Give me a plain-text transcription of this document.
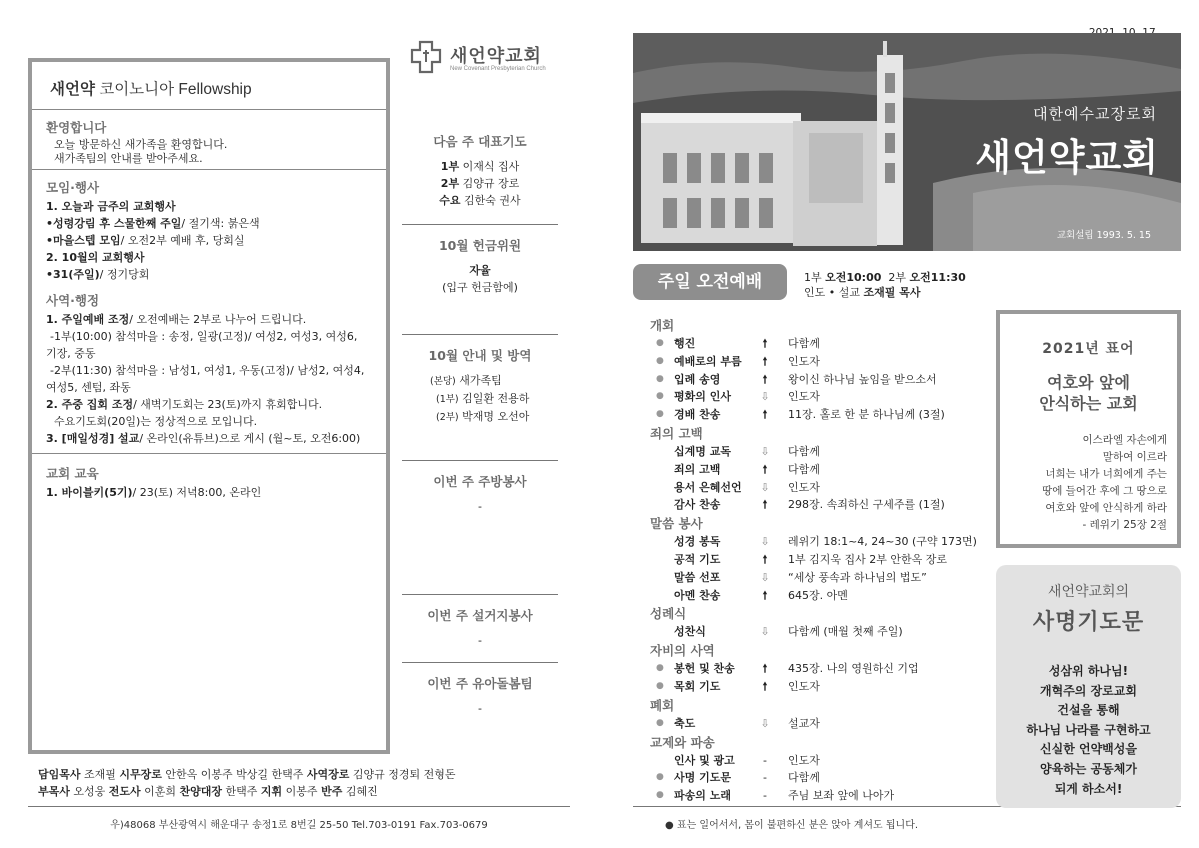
새언약 코이노니아 Fellowship
환영합니다
오늘 방문하신 새가족을 환영합니다.
새가족팀의 안내를 받아주세요.
모임·행사
1. 오늘과 금주의 교회행사
•성령강림 후 스물한째 주일/ 절기색: 붉은색
•마을스텝 모임/ 오전2부 예배 후, 당회실
2. 10월의 교회행사
•31(주일)/ 정기당회
사역·행정
1. 주일예배 조정/ 오전예배는 2부로 나누어 드립니다.
-1부(10:00) 참석마을 : 송정, 일광(고정)/ 여성2, 여성3, 여성6,
기장, 중동
-2부(11:30) 참석마을 : 남성1, 여성1, 우동(고정)/ 남성2, 여성4,
여성5, 센텀, 좌동
2. 주중 집회 조정/ 새벽기도회는 23(토)까지 휴회합니다.
수요기도회(20일)는 정상적으로 모입니다.
3. [매일성경] 설교/ 온라인(유튜브)으로 게시 (월~토, 오전6:00)
교회 교육
1. 바이블키(5기)/ 23(토) 저녁8:00, 온라인
새언약교회
New Covenant Presbyterian Church
다음 주 대표기도
1부 이재식 집사
2부 김양규 장로
수요 김한숙 권사
10월 헌금위원
자율
(입구 헌금함에)
10월 안내 및 방역
(본당) 새가족팀
(1부) 김일환 전용하
(2부) 박재명 오선아
이번 주 주방봉사
-
이번 주 설거지봉사
-
이번 주 유아돌봄팀
-
담임목사 조재필 시무장로 안한옥 이봉주 박상길 한택주 사역장로 김양규 정경퇴 전형돈
부목사 오성웅 전도사 이훈희 찬양대장 한택주 지휘 이봉주 반주 김혜진
우)48068 부산광역시 해운대구 송정1로 8번길 25-50 Tel.703-0191 Fax.703-0679
대한예수교장로회
새언약교회
교회설립 1993. 5. 15
주일 오전예배	1부 오전10:00  2부 오전11:30
인도 • 설교 조재필 목사
개회
● 행진	🠕	다함께
● 예배로의 부름	🠕	인도자
● 입례 송영	🠕	왕이신 하나님 높임을 받으소서
● 평화의 인사	⇩ 인도자
● 경배 찬송	🠕	11장. 홀로 한 분 하나님께 (3절)
죄의 고백
십계명 교독	⇩ 다함께
죄의 고백	🠕	다함께
용서 은혜선언 ⇩ 인도자
감사 찬송	🠕	298장. 속죄하신 구세주를 (1절)
말씀 봉사
성경 봉독	⇩ 레위기 18:1~4, 24~30 (구약 173면)
공적 기도	🠕	1부 김지욱 집사 2부 안한옥 장로
말씀 선포	⇩ “세상 풍속과 하나님의 법도”
아멘 찬송	🠕	645장. 아멘
성례식
성찬식	⇩ 다함께 (매월 첫째 주일)
자비의 사역
● 봉헌 및 찬송	🠕	435장. 나의 영원하신 기업
● 목회 기도	🠕	인도자
폐회
● 축도	⇩ 설교자
교제와 파송
인사 및 광고	-	인도자
● 사명 기도문	-	다함께
● 파송의 노래	-	주님 보좌 앞에 나아가
● 표는 일어서서, 몸이 불편하신 분은 앉아 계셔도 됩니다.
2021년 표어
여호와 앞에
안식하는 교회
이스라엘 자손에게
말하여 이르라
너희는 내가 너희에게 주는
땅에 들어간 후에 그 땅으로
여호와 앞에 안식하게 하라
- 레위기 25장 2절
새언약교회의
사명기도문
성삼위 하나님!
개혁주의 장로교회
건설을 통해
하나님 나라를 구현하고
신실한 언약백성을
양육하는 공동체가
되게 하소서!
